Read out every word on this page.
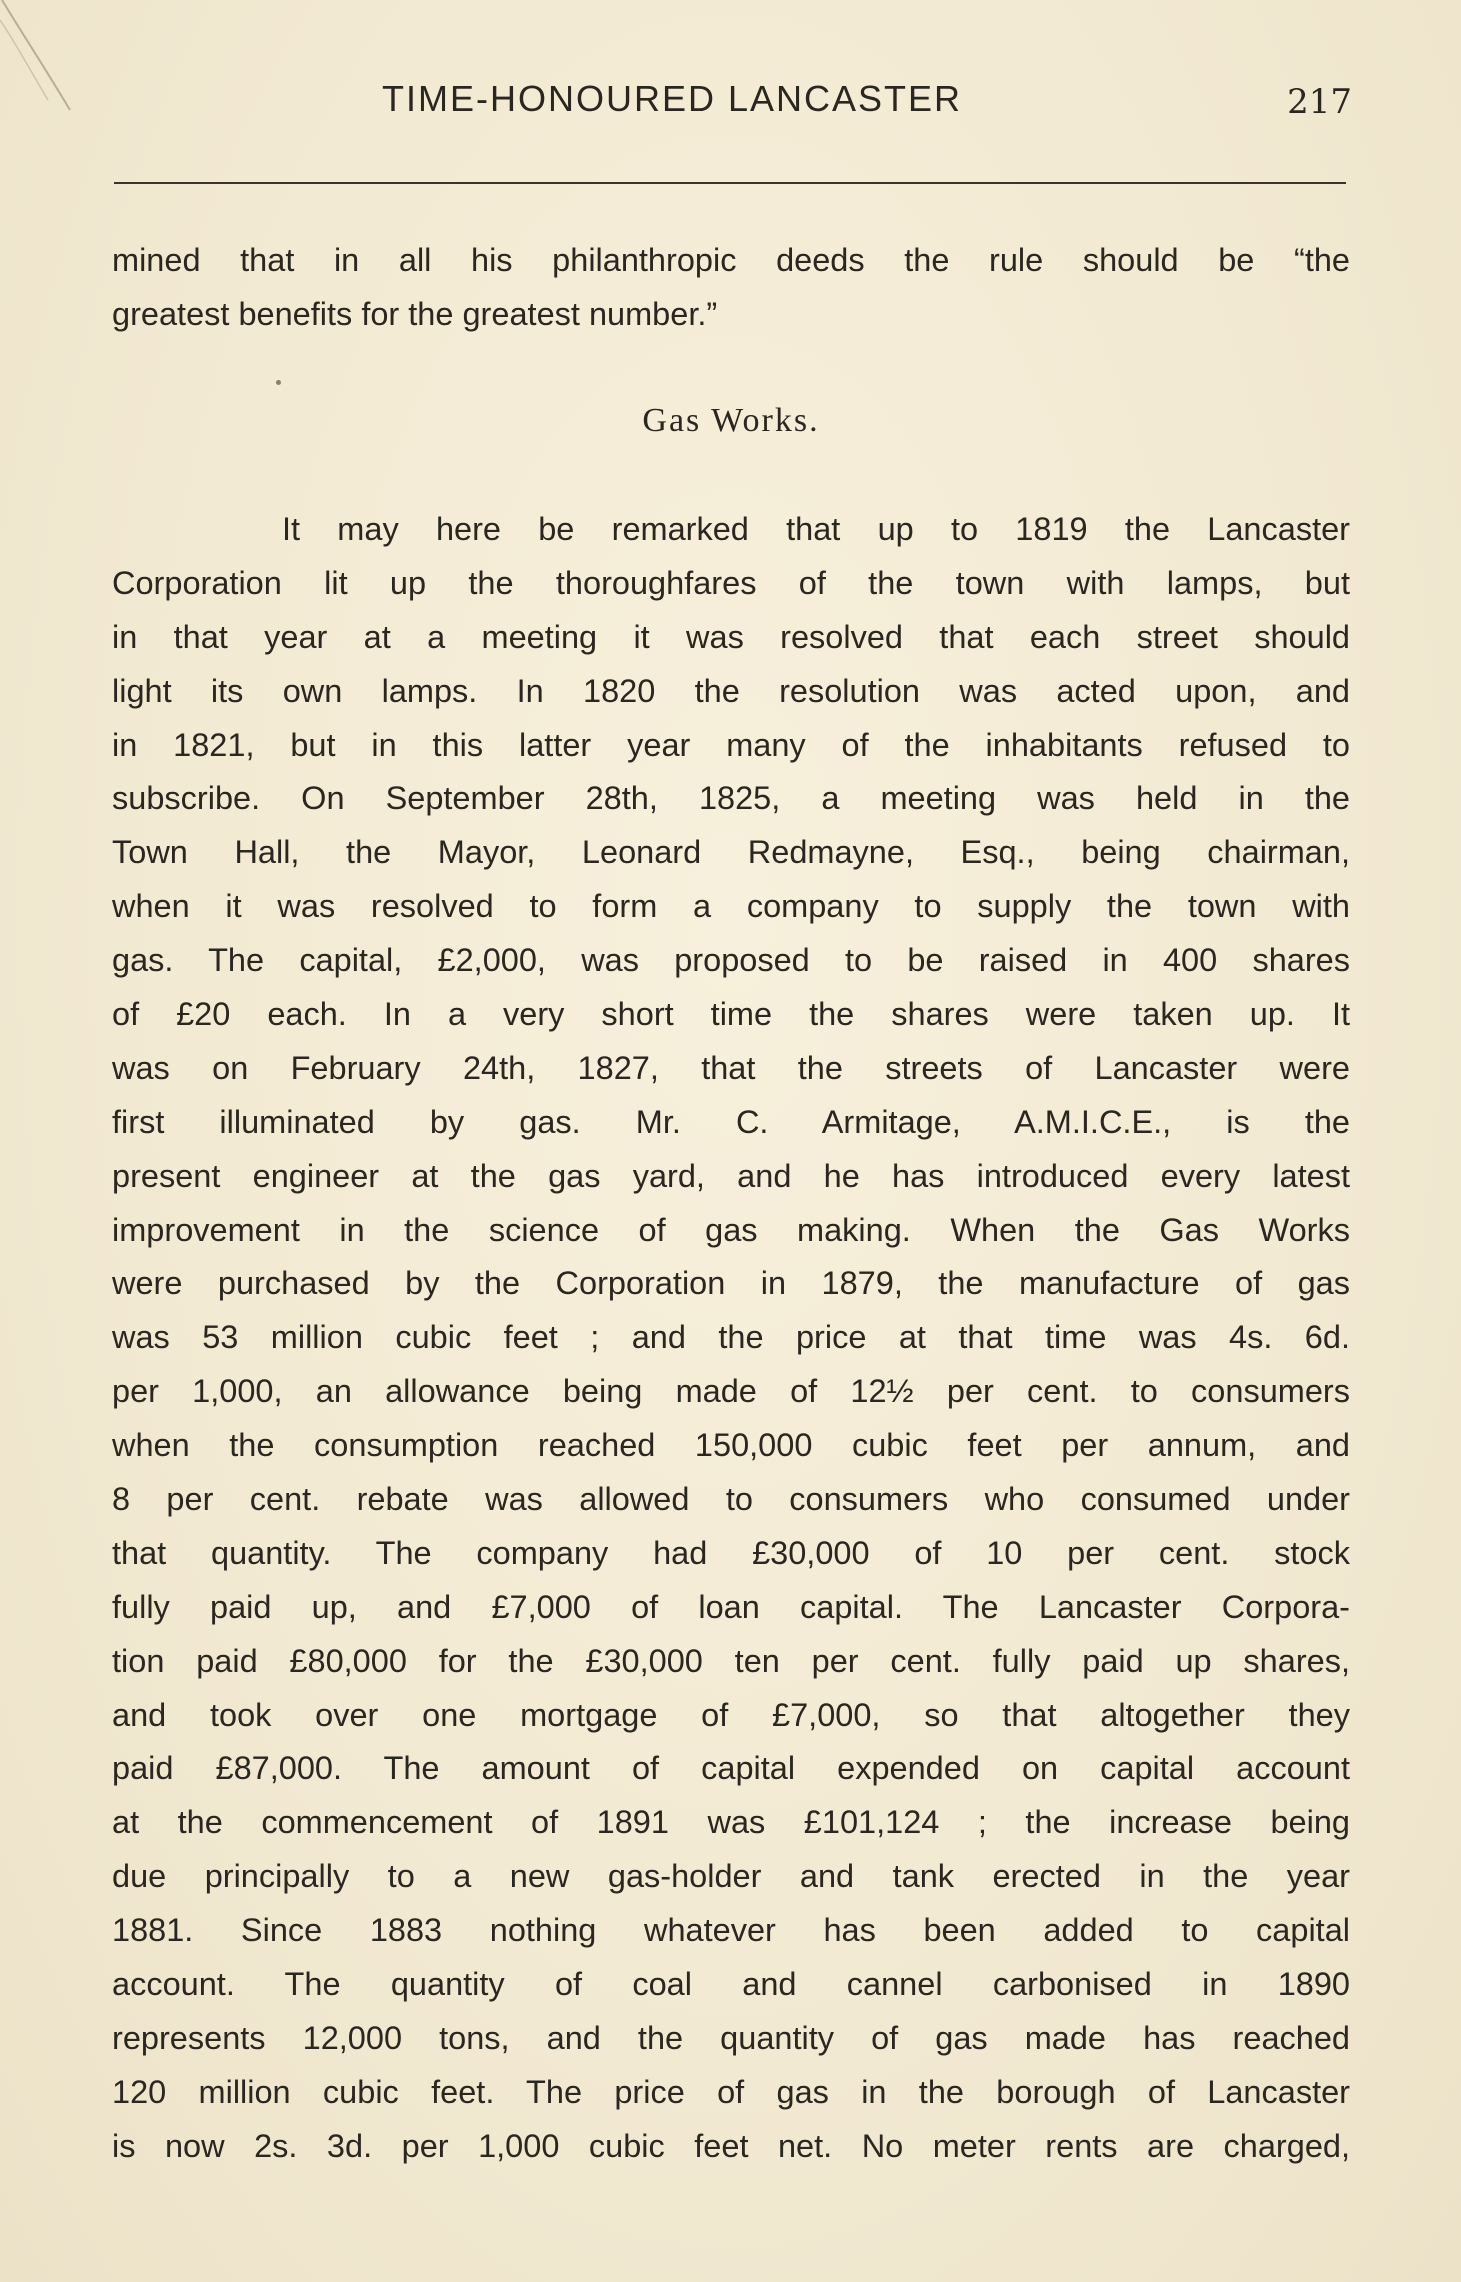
TIME-HONOURED LANCASTER	217
mined that in all his philanthropic deeds the rule should be “the
greatest benefits for the greatest number.”
Gas Works.
It may here be remarked that up to 1819 the Lancaster
Corporation lit up the thoroughfares of the town with lamps, but
in that year at a meeting it was resolved that each street should
light its own lamps. In 1820 the resolution was acted upon, and
in 1821, but in this latter year many of the inhabitants refused to
subscribe. On September 28th, 1825, a meeting was held in the
Town Hall, the Mayor, Leonard Redmayne, Esq., being chairman,
when it was resolved to form a company to supply the town with
gas. The capital, £2,000, was proposed to be raised in 400 shares
of £20 each. In a very short time the shares were taken up. It
was on February 24th, 1827, that the streets of Lancaster were
first illuminated by gas. Mr. C. Armitage, A.M.I.C.E., is the
present engineer at the gas yard, and he has introduced every latest
improvement in the science of gas making. When the Gas Works
were purchased by the Corporation in 1879, the manufacture of gas
was 53 million cubic feet ; and the price at that time was 4s. 6d.
per 1,000, an allowance being made of 12½ per cent. to consumers
when the consumption reached 150,000 cubic feet per annum, and
8 per cent. rebate was allowed to consumers who consumed under
that quantity. The company had £30,000 of 10 per cent. stock
fully paid up, and £7,000 of loan capital. The Lancaster Corpora-
tion paid £80,000 for the £30,000 ten per cent. fully paid up shares,
and took over one mortgage of £7,000, so that altogether they
paid £87,000. The amount of capital expended on capital account
at the commencement of 1891 was £101,124 ; the increase being
due principally to a new gas-holder and tank erected in the year
1881. Since 1883 nothing whatever has been added to capital
account. The quantity of coal and cannel carbonised in 1890
represents 12,000 tons, and the quantity of gas made has reached
120 million cubic feet. The price of gas in the borough of Lancaster
is now 2s. 3d. per 1,000 cubic feet net. No meter rents are charged,
